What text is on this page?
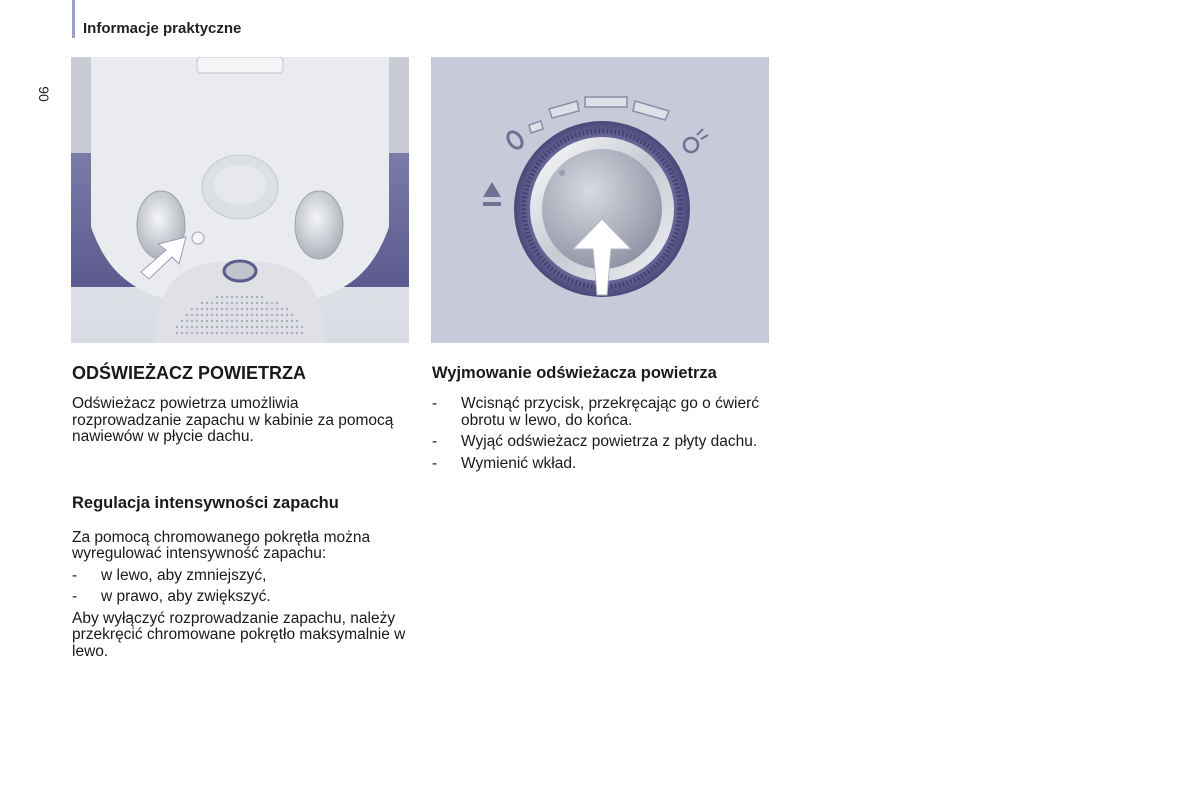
Informacje praktyczne
90
ODŚWIEŻACZ POWIETRZA

Odświeżacz powietrza umożliwia rozprowadzanie zapachu w kabinie za pomocą nawiewów w płycie dachu.

Regulacja intensywności zapachu

Za pomocą chromowanego pokrętła można wyregulować intensywność zapachu:

- w lewo, aby zmniejszyć,
- w prawo, aby zwiększyć.

Aby wyłączyć rozprowadzanie zapachu, należy przekręcić chromowane pokrętło maksymalnie w lewo.

Wyjmowanie odświeżacza powietrza
- Wcisnąć przycisk, przekręcając go o ćwierć obrotu w lewo, do końca.
- Wyjąć odświeżacz powietrza z płyty dachu.
- Wymienić wkład.
